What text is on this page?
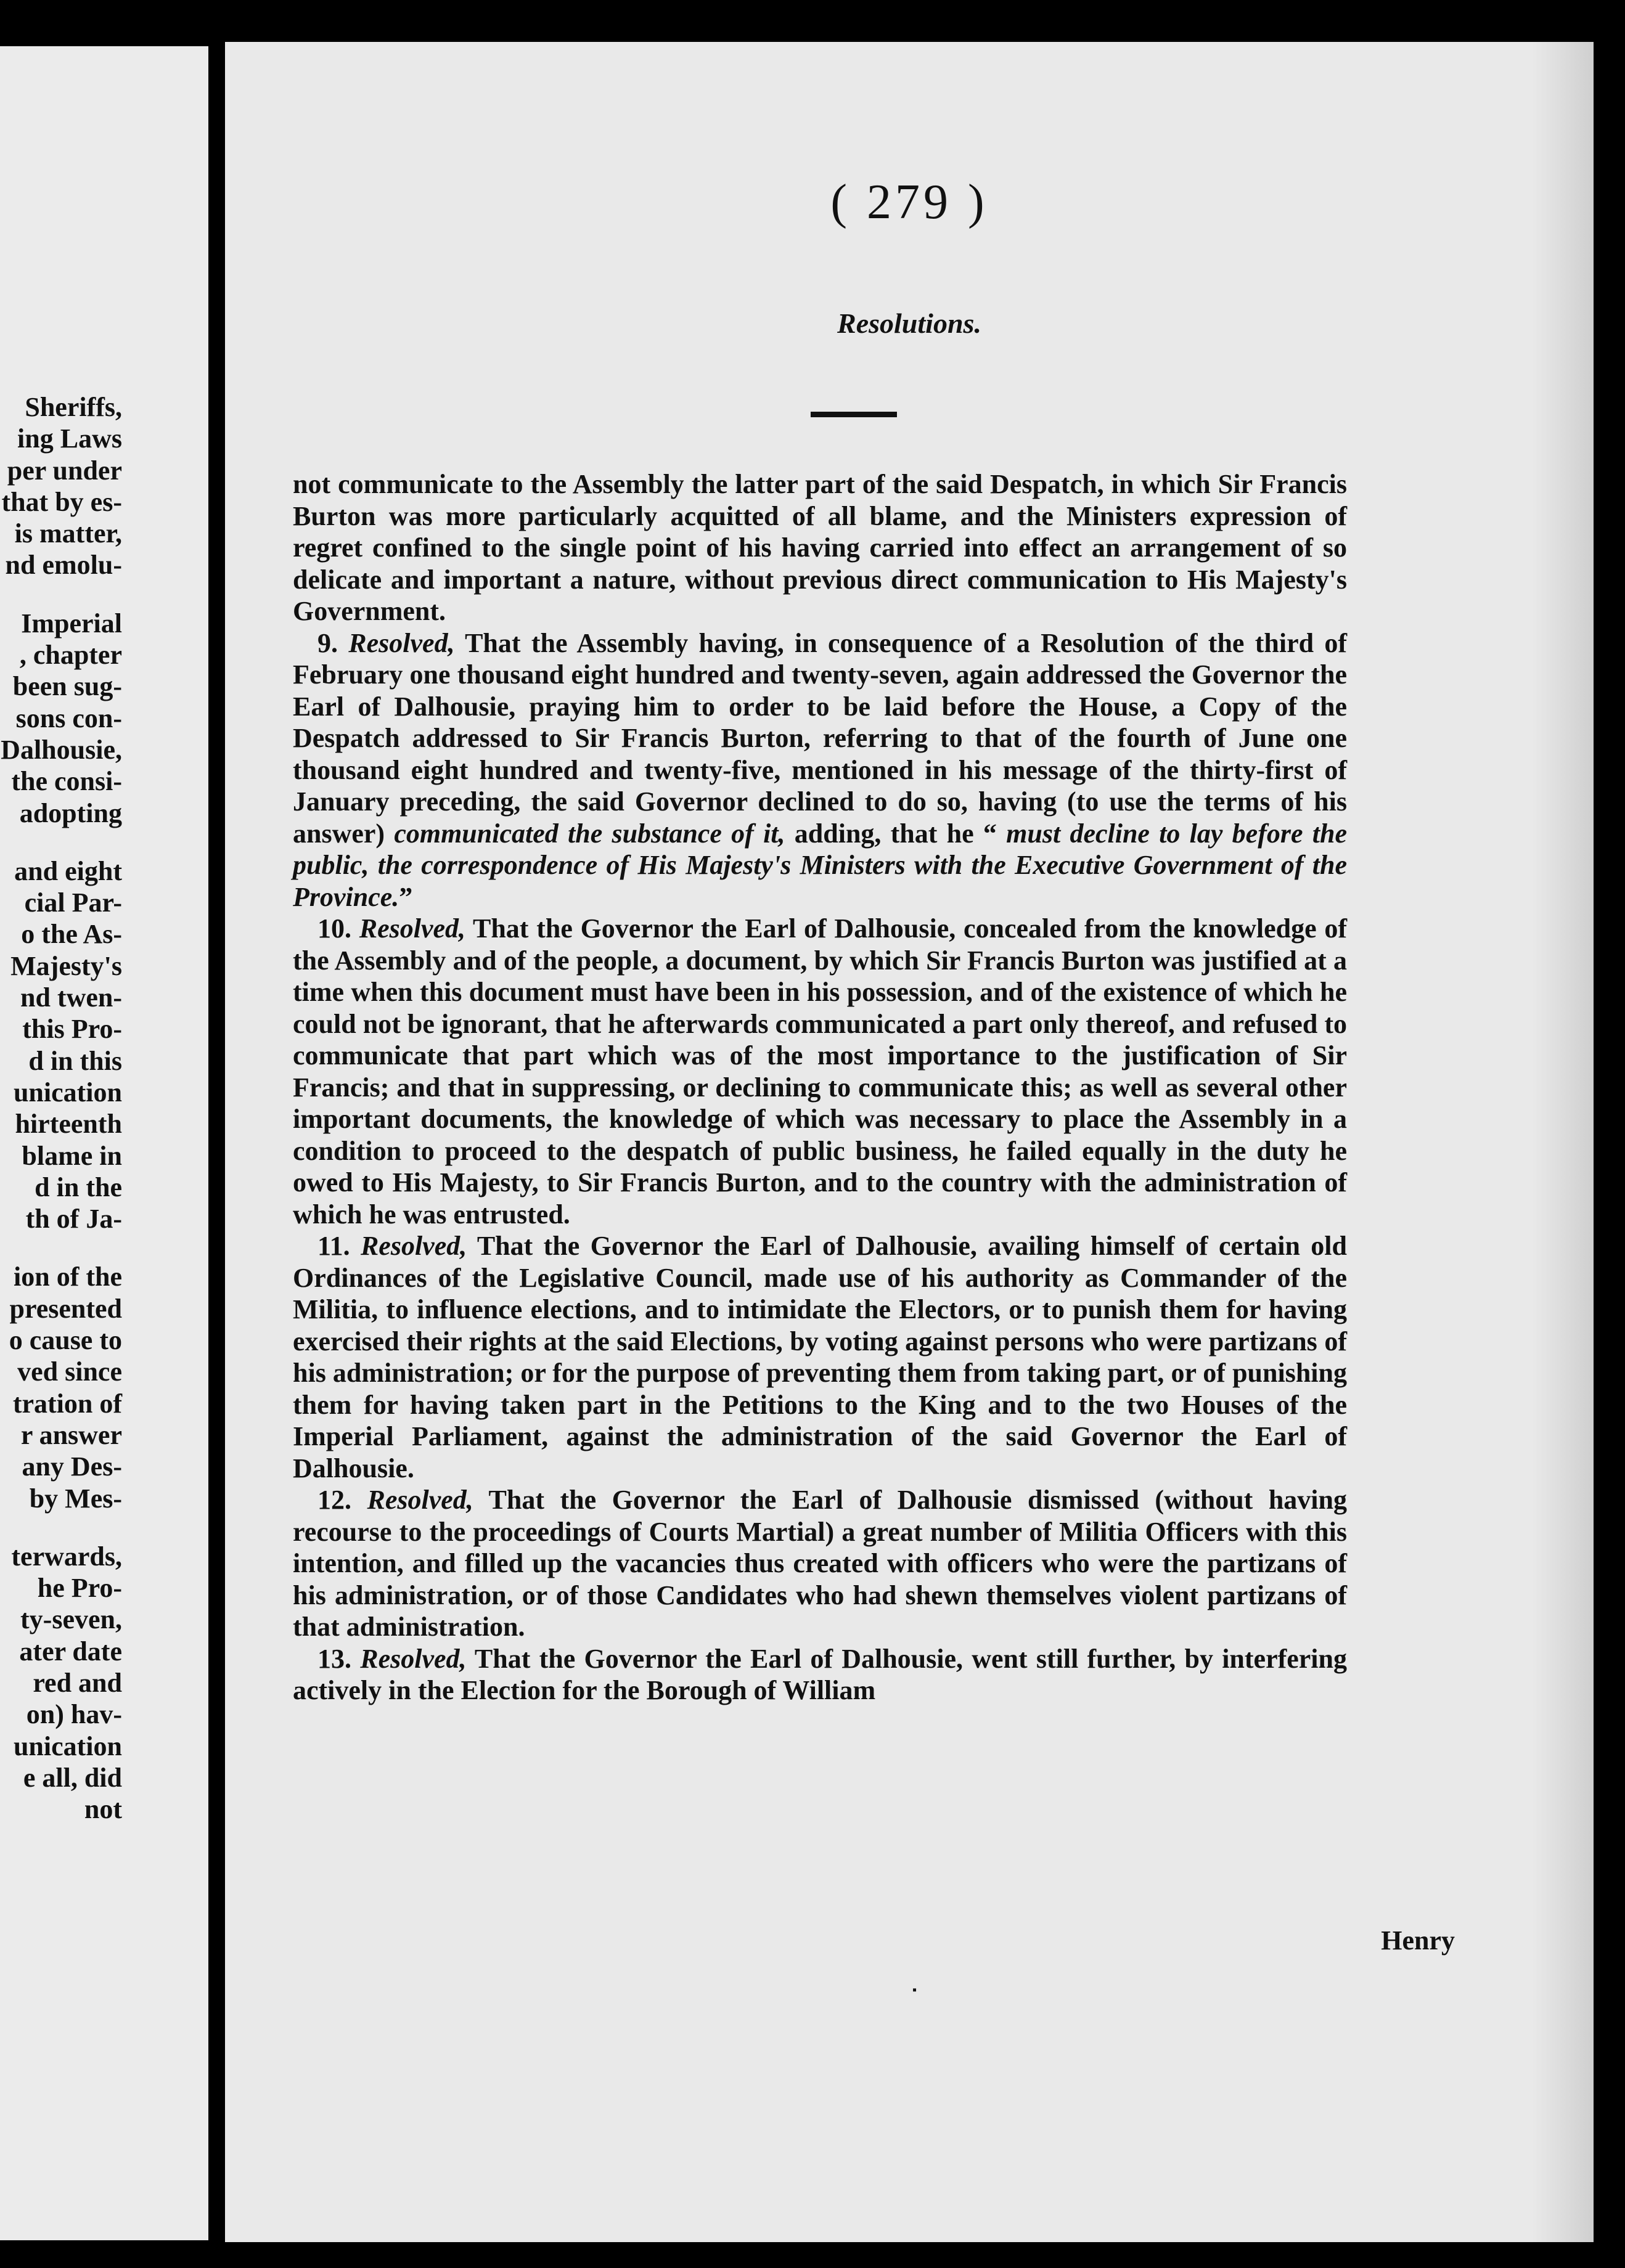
Sheriffs,
ing Laws
per under
that by es-
is matter,
nd emolu-
Imperial
, chapter
been sug-
sons con-
Dalhousie,
the consi-
adopting
and eight
cial Par-
o the As-
Majesty's
nd twen-
this Pro-
d in this
unication
hirteenth
blame in
d in the
th of Ja-
ion of the
presented
o cause to
ved since
tration of
r answer
any Des-
by Mes-
terwards,
he Pro-
ty-seven,
ater date
red and
on) hav-
unication
e all, did
not
( 279 )
Resolutions.

not communicate to the Assembly the latter part of the said Despatch, in which Sir Francis Burton was more particularly acquitted of all blame, and the Ministers expression of regret confined to the single point of his having carried into effect an arrangement of so delicate and important a nature, without previous direct communication to His Majesty's Government.

9. Resolved, That the Assembly having, in consequence of a Resolution of the third of February one thousand eight hundred and twenty-seven, again addressed the Governor the Earl of Dalhousie, praying him to order to be laid before the House, a Copy of the Despatch addressed to Sir Francis Burton, referring to that of the fourth of June one thousand eight hundred and twenty-five, mentioned in his message of the thirty-first of January preceding, the said Governor declined to do so, having (to use the terms of his answer) communicated the substance of it, adding, that he “ must decline to lay before the public, the correspondence of His Majesty's Ministers with the Executive Government of the Province.”

10. Resolved, That the Governor the Earl of Dalhousie, concealed from the knowledge of the Assembly and of the people, a document, by which Sir Francis Burton was justified at a time when this document must have been in his possession, and of the existence of which he could not be ignorant, that he afterwards communicated a part only thereof, and refused to communicate that part which was of the most importance to the justification of Sir Francis; and that in suppressing, or declining to communicate this; as well as several other important documents, the knowledge of which was necessary to place the Assembly in a condition to proceed to the despatch of public business, he failed equally in the duty he owed to His Majesty, to Sir Francis Burton, and to the country with the administration of which he was entrusted.

11. Resolved, That the Governor the Earl of Dalhousie, availing himself of certain old Ordinances of the Legislative Council, made use of his authority as Commander of the Militia, to influence elections, and to intimidate the Electors, or to punish them for having exercised their rights at the said Elections, by voting against persons who were partizans of his administration; or for the purpose of preventing them from taking part, or of punishing them for having taken part in the Petitions to the King and to the two Houses of the Imperial Parliament, against the administration of the said Governor the Earl of Dalhousie.

12. Resolved, That the Governor the Earl of Dalhousie dismissed (without having recourse to the proceedings of Courts Martial) a great number of Militia Officers with this intention, and filled up the vacancies thus created with officers who were the partizans of his administration, or of those Candidates who had shewn themselves violent partizans of that administration.

13. Resolved, That the Governor the Earl of Dalhousie, went still further, by interfering actively in the Election for the Borough of William

Henry
▪
